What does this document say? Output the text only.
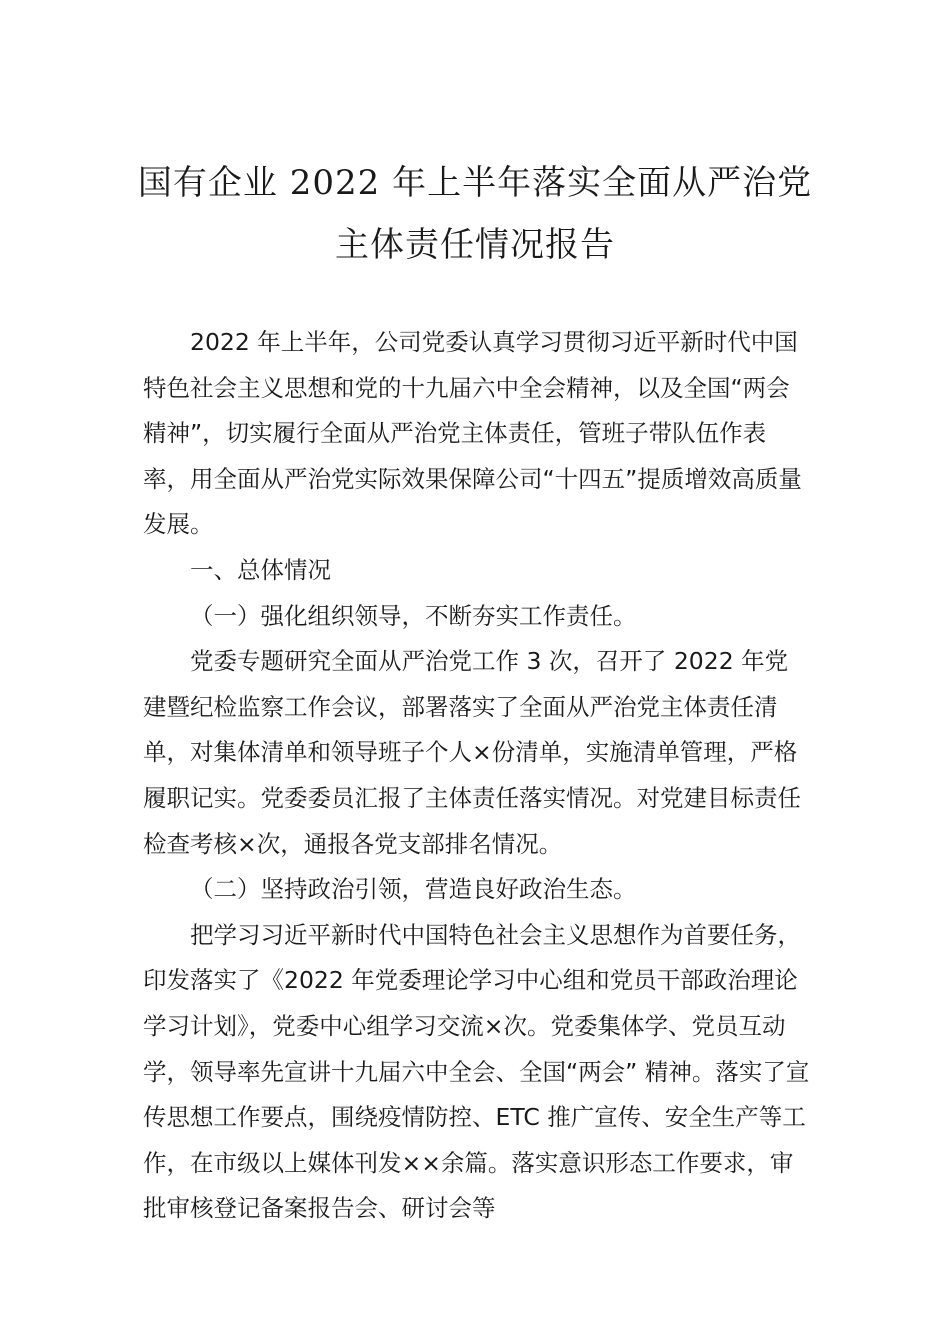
国有企业 2022 年上半年落实全面从严治党
主体责任情况报告

2022 年上半年，公司党委认真学习贯彻习近平新时代中国特色社会主义思想和党的十九届六中全会精神，以及全国“两会精神”，切实履行全面从严治党主体责任，管班子带队伍作表率，用全面从严治党实际效果保障公司“十四五”提质增效高质量发展。

一、总体情况

（一）强化组织领导，不断夯实工作责任。

党委专题研究全面从严治党工作 3 次，召开了 2022 年党建暨纪检监察工作会议，部署落实了全面从严治党主体责任清单，对集体清单和领导班子个人×份清单，实施清单管理，严格履职记实。党委委员汇报了主体责任落实情况。对党建目标责任检查考核×次，通报各党支部排名情况。

（二）坚持政治引领，营造良好政治生态。

把学习习近平新时代中国特色社会主义思想作为首要任务，印发落实了《2022 年党委理论学习中心组和党员干部政治理论学习计划》，党委中心组学习交流×次。党委集体学、党员互动学，领导率先宣讲十九届六中全会、全国“两会” 精神。落实了宣传思想工作要点，围绕疫情防控、ETC 推广宣传、安全生产等工作，在市级以上媒体刊发××余篇。落实意识形态工作要求，审批审核登记备案报告会、研讨会等
